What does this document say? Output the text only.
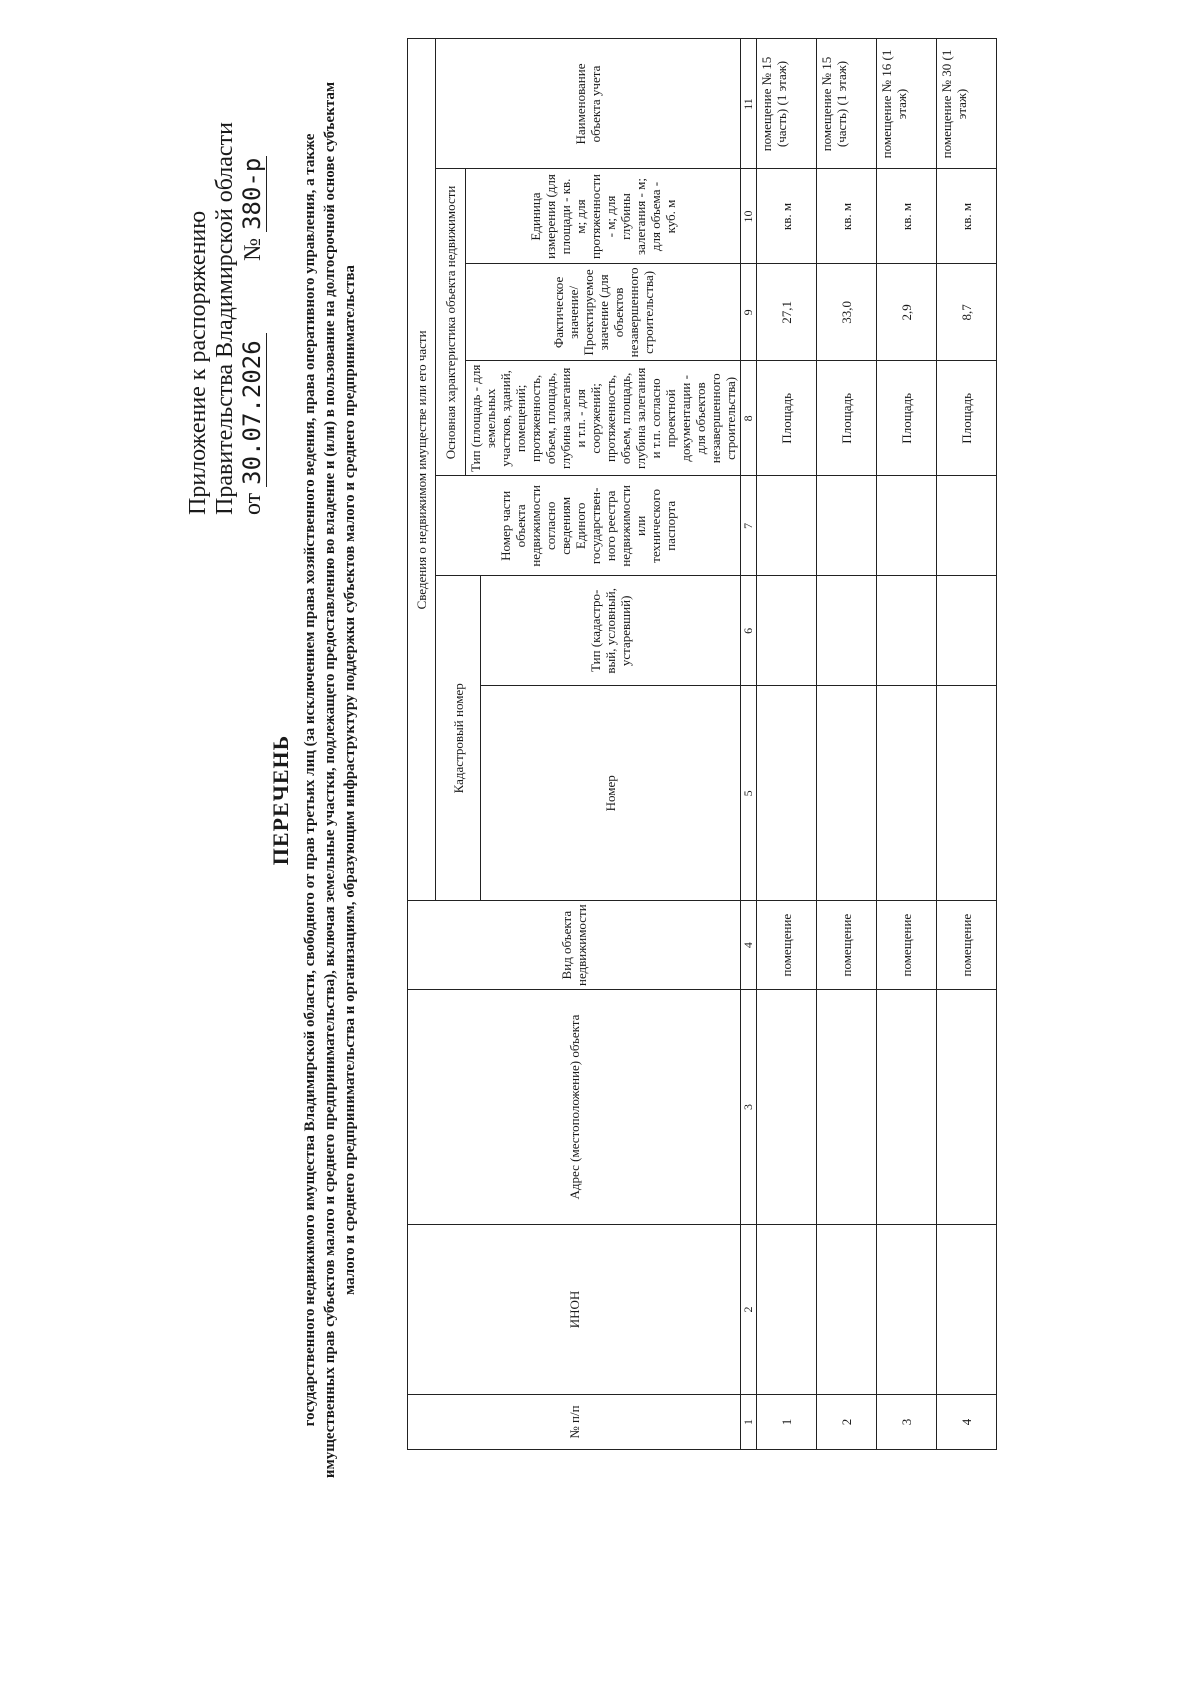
Приложение к распоряжению Правительства Владимирской области от
30.07.2026
№
380-р
ПЕРЕЧЕНЬ государственного недвижимого имущества Владимирской области, свободного от прав третьих лиц (за исключением права хозяйственного ведения, права оперативного управления, а также имущественных прав субъектов малого и среднего предпринимательства), включая земельные участки, подлежащего предоставлению во владение и (или) в пользование на долгосрочной основе субъектам малого и среднего предпринимательства и организациям, образующим инфраструктуру поддержки субъектов малого и среднего предпринимательства
№ п/п	ИНОН	Адрес (местоположение) объекта	Вид объекта недвижимости	Сведения о недвижимом имуществе или его части						
				Кадастровый номер		Номер части объекта недвижимости согласно сведениям Единого государствен-ного реестра недвижимости или технического паспорта	Основная характеристика объекта недвижимости			Наименование объекта учета
							Тип (площадь - для земельных участков, зданий, помещений; протяженность, объем, площадь, глубина залегания и т.п. - для сооружений; протяженность, объем, площадь, глубина залегания и т.п. согласно проектной документации - для объектов незавершенного строительства)	Фактическое значение/ Проектируемое значение (для объектов незавершенного строительства)	Единица измерения (для площади - кв. м; для протяженности - м; для глубины залегания - м; для объема - куб. м	
				Номер	Тип (кадастро-вый, условный, устаревший)					
1	2	3	4	5	6	7	8	9	10	11
1			помещение				Площадь	27,1	кв. м	помещение № 15 (часть) (1 этаж)
2			помещение				Площадь	33,0	кв. м	помещение № 15 (часть) (1 этаж)
3			помещение				Площадь	2,9	кв. м	помещение № 16 (1 этаж)
4			помещение				Площадь	8,7	кв. м	помещение № 30 (1 этаж)
